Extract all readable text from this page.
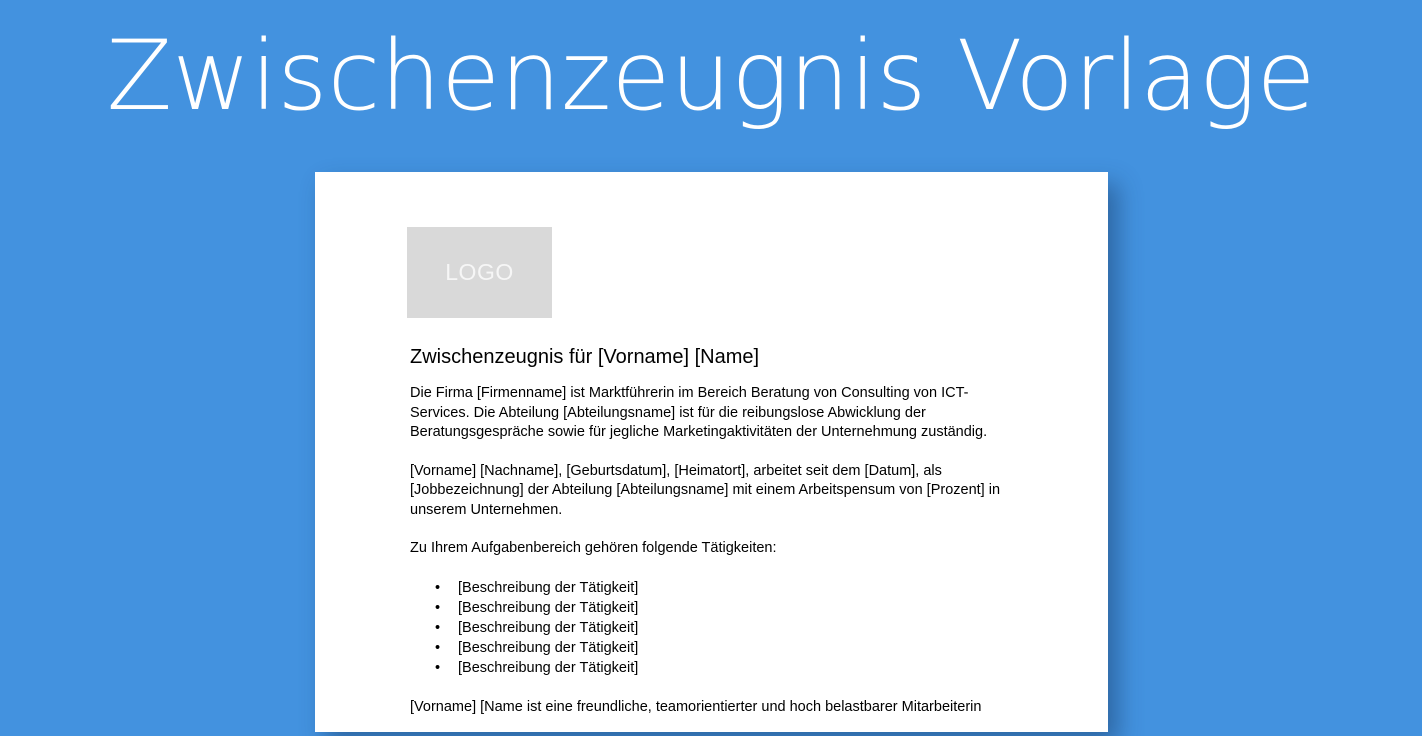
Zwischenzeugnis Vorlage
LOGO
Zwischenzeugnis für [Vorname] [Name]

Die Firma [Firmenname] ist Marktführerin im Bereich Beratung von Consulting von ICT-
Services. Die Abteilung [Abteilungsname] ist für die reibungslose Abwicklung der
Beratungsgespräche sowie für jegliche Marketingaktivitäten der Unternehmung zuständig.

[Vorname] [Nachname], [Geburtsdatum], [Heimatort], arbeitet seit dem [Datum], als
[Jobbezeichnung] der Abteilung [Abteilungsname] mit einem Arbeitspensum von [Prozent] in
unserem Unternehmen.

Zu Ihrem Aufgabenbereich gehören folgende Tätigkeiten:

• [Beschreibung der Tätigkeit]
• [Beschreibung der Tätigkeit]
• [Beschreibung der Tätigkeit]
• [Beschreibung der Tätigkeit]
• [Beschreibung der Tätigkeit]

[Vorname] [Name ist eine freundliche, teamorientierter und hoch belastbarer Mitarbeiterin
